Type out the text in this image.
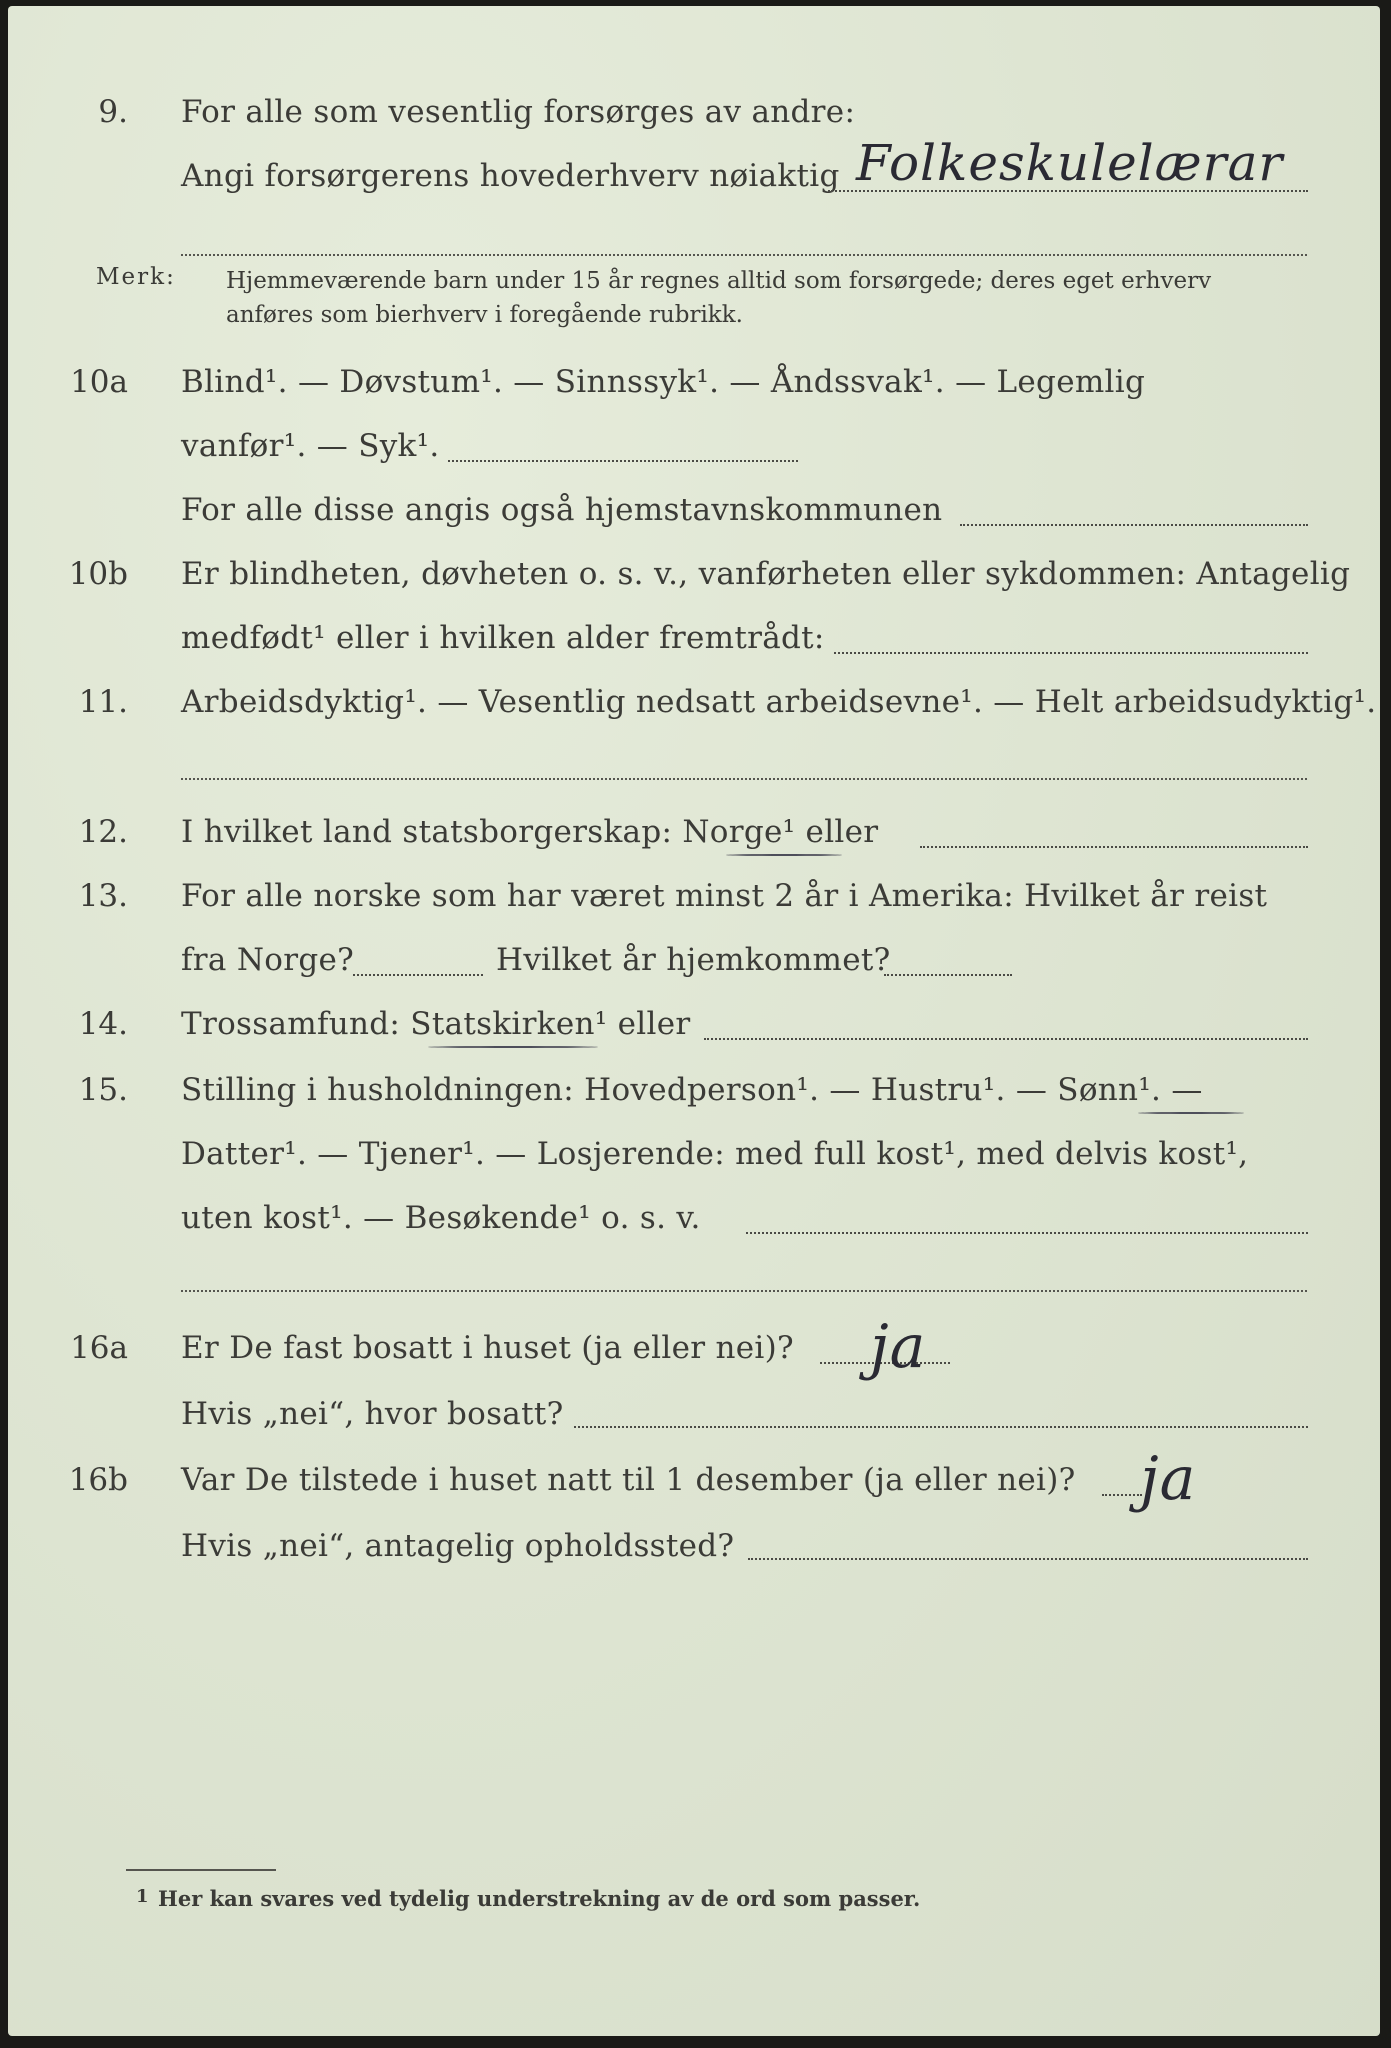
9. For alle som vesentlig forsørges av andre:
Angi forsørgerens hovederhverv nøiaktig Folkeskulelærar
Merk: Hjemmeværende barn under 15 år regnes alltid som forsørgede; deres eget erhverv
anføres som bierhverv i foregående rubrikk.
10a Blind¹. — Døvstum¹. — Sinnssyk¹. — Åndssvak¹. — Legemlig
vanfør¹. — Syk¹.
For alle disse angis også hjemstavnskommunen
10b Er blindheten, døvheten o. s. v., vanførheten eller sykdommen: Antagelig
medfødt¹ eller i hvilken alder fremtrådt:
11. Arbeidsdyktig¹. — Vesentlig nedsatt arbeidsevne¹. — Helt arbeidsudyktig¹.
12. I hvilket land statsborgerskap: Norge¹ eller
13. For alle norske som har været minst 2 år i Amerika: Hvilket år reist
fra Norge?	Hvilket år hjemkommet?
14. Trossamfund: Statskirken¹ eller
15. Stilling i husholdningen: Hovedperson¹. — Hustru¹. — Sønn¹. —
Datter¹. — Tjener¹. — Losjerende: med full kost¹, med delvis kost¹,
uten kost¹. — Besøkende¹ o. s. v.
16a Er De fast bosatt i huset (ja eller nei)? ja
Hvis „nei“, hvor bosatt?
16b Var De tilstede i huset natt til 1 desember (ja eller nei)? ja
Hvis „nei“, antagelig opholdssted?
1 Her kan svares ved tydelig understrekning av de ord som passer.
